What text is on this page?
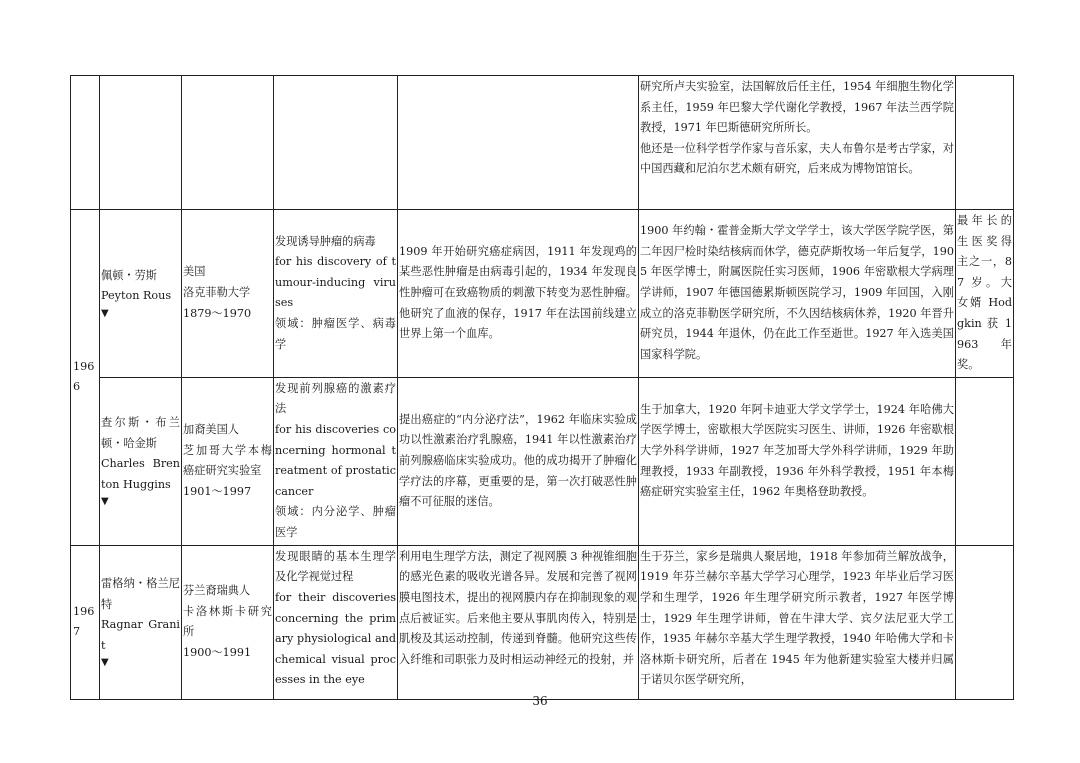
					研究所卢夫实验室，法国解放后任主任，1954 年细胞生物化学系主任，1959 年巴黎大学代谢化学教授，1967 年法兰西学院教授，1971 年巴斯德研究所所长。
他还是一位科学哲学作家与音乐家，夫人布鲁尔是考古学家，对中国西藏和尼泊尔艺术颇有研究，后来成为博物馆馆长。	

1966	佩顿・劳斯
Peyton Rous
▼	美国
洛克菲勒大学
1879～1970	发现诱导肿瘤的病毒
for his discovery of tumour-inducing viruses
领域：肿瘤医学、病毒学	1909 年开始研究癌症病因，1911 年发现鸡的某些恶性肿瘤是由病毒引起的，1934 年发现良性肿瘤可在致癌物质的刺激下转变为恶性肿瘤。他研究了血液的保存，1917 年在法国前线建立世界上第一个血库。	1900 年约翰・霍普金斯大学文学学士，该大学医学院学医，第二年因尸检时染结核病而休学，德克萨斯牧场一年后复学，1905 年医学博士，附属医院任实习医师，1906 年密歇根大学病理学讲师，1907 年德国德累斯顿医院学习，1909 年回国，入刚成立的洛克菲勒医学研究所，不久因结核病休养，1920 年晋升研究员，1944 年退休，仍在此工作至逝世。1927 年入选美国国家科学院。	最年长的生医奖得主之一，87 岁。大女婿 Hodgkin 获 1963 年奖。

	查尔斯・布兰顿・哈金斯
Charles Brenton Huggins
▼	加裔美国人
芝加哥大学本梅癌症研究实验室
1901～1997	发现前列腺癌的激素疗法
for his discoveries concerning hormonal treatment of prostatic cancer
领域：内分泌学、肿瘤医学	提出癌症的“内分泌疗法”，1962 年临床实验成功以性激素治疗乳腺癌，1941 年以性激素治疗前列腺癌临床实验成功。他的成功揭开了肿瘤化学疗法的序幕，更重要的是，第一次打破恶性肿瘤不可征服的迷信。	生于加拿大，1920 年阿卡迪亚大学文学学士，1924 年哈佛大学医学博士，密歇根大学医院实习医生、讲师，1926 年密歇根大学外科学讲师，1927 年芝加哥大学外科学讲师，1929 年助理教授，1933 年副教授，1936 年外科学教授，1951 年本梅癌症研究实验室主任，1962 年奥格登助教授。	
1967	雷格纳・格兰尼特
Ragnar Granit
▼	芬兰裔瑞典人
卡洛林斯卡研究所
1900～1991	发现眼睛的基本生理学及化学视觉过程
for their discoveries concerning the primary physiological and chemical visual processes in the eye	利用电生理学方法，测定了视网膜 3 种视锥细胞的感光色素的吸收光谱各异。发展和完善了视网膜电图技术，提出的视网膜内存在抑制现象的观点后被证实。后来他主要从事肌肉传入，特别是肌梭及其运动控制，传递到脊髓。他研究这些传入纤维和司职张力及时相运动神经元的投射，并	生于芬兰，家乡是瑞典人聚居地，1918 年参加荷兰解放战争，1919 年芬兰赫尔辛基大学学习心理学，1923 年毕业后学习医学和生理学，1926 年生理学研究所示教者，1927 年医学博士，1929 年生理学讲师，曾在牛津大学、宾夕法尼亚大学工作，1935 年赫尔辛基大学生理学教授，1940 年哈佛大学和卡洛林斯卡研究所，后者在 1945 年为他新建实验室大楼并归属于诺贝尔医学研究所，	
36
